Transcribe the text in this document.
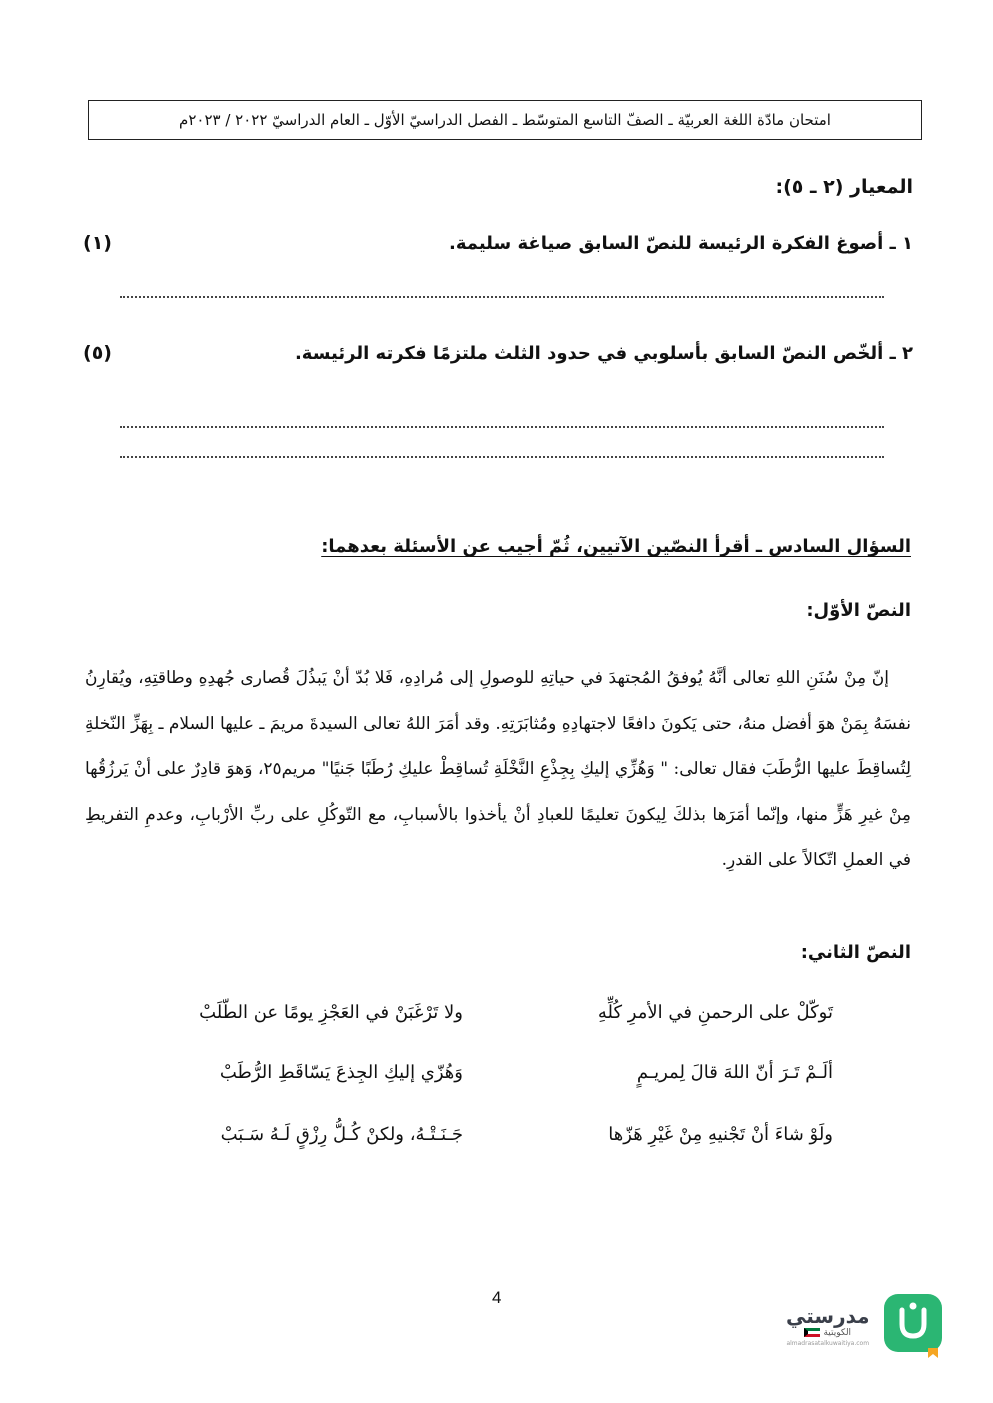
امتحان مادّة اللغة العربيّة ـ الصفّ التاسع المتوسّط ـ الفصل الدراسيّ الأوّل ـ العام الدراسيّ ٢٠٢٢ / ٢٠٢٣م
المعيار (٢ ـ ٥):
١ ـ أصوغ الفكرة الرئيسة للنصّ السابق صياغة سليمة.
(١)
٢ ـ ألخّص النصّ السابق بأسلوبي في حدود الثلث ملتزمًا فكرته الرئيسة.
(٥)
السؤال السادس ـ أقرأ النصّين الآتيين، ثُمّ أجيب عن الأسئلة بعدهما:
النصّ الأوّل:
إنّ مِنْ سُنَنِ اللهِ تعالى أنَّهُ يُوفقُ المُجتهدَ في حياتِهِ للوصولِ إلى مُرادِهِ، فَلا بُدّ أنْ يَبذُلَ قُصارى جُهدِهِ وطاقتِهِ، ويُقارِنُ نفسَهُ بِمَنْ هوَ أفضل منهُ، حتى يَكونَ دافعًا لاجتهادِهِ ومُثابَرَتِهِ. وقد أمَرَ اللهُ تعالى السيدةَ مريمَ ـ عليها السلام ـ بِهَزِّ النّخلةِ لِتُساقِطَ عليها الرُّطَبَ فقال تعالى: " وَهُزِّي إليكِ بِجِذْعِ النَّخْلَةِ تُساقِطْ عليكِ رُطَبًا جَنيًا" مريم٢٥، وَهوَ قادِرٌ على أنْ يَرزُقُها مِنْ غيرِ هَزٍّ منها، وإنّما أمَرَها بذلكَ لِيكونَ تعليمًا للعبادِ أنْ يأخذوا بالأسبابِ، مع التّوكُلِ على ربِّ الأرْبابِ، وعدمِ التفريطِ في العملِ اتّكالاً على القدرِ.
النصّ الثاني:
تَوكّلْ على الرحمنِ في الأمرِ كُلِّهِ
ولا تَرْغَبَنْ في العَجْزِ يومًا عن الطّلَبْ
ألَـمْ تَـرَ أنّ اللهَ قالَ لِمريـمٍ
وَهُزّي إليكِ الجِذعَ يَسّاقَطِ الرُّطَبْ
ولَوْ شاءَ أنْ تَجْنيهِ مِنْ غَيْرِ هَزّها
جَـنَـتْـهُ، ولكنْ كُـلُّ رِزْقٍ لَـهُ سَـبَبْ
4
مدرستي
الكويتية
almadrasatalkuwaitiya.com
